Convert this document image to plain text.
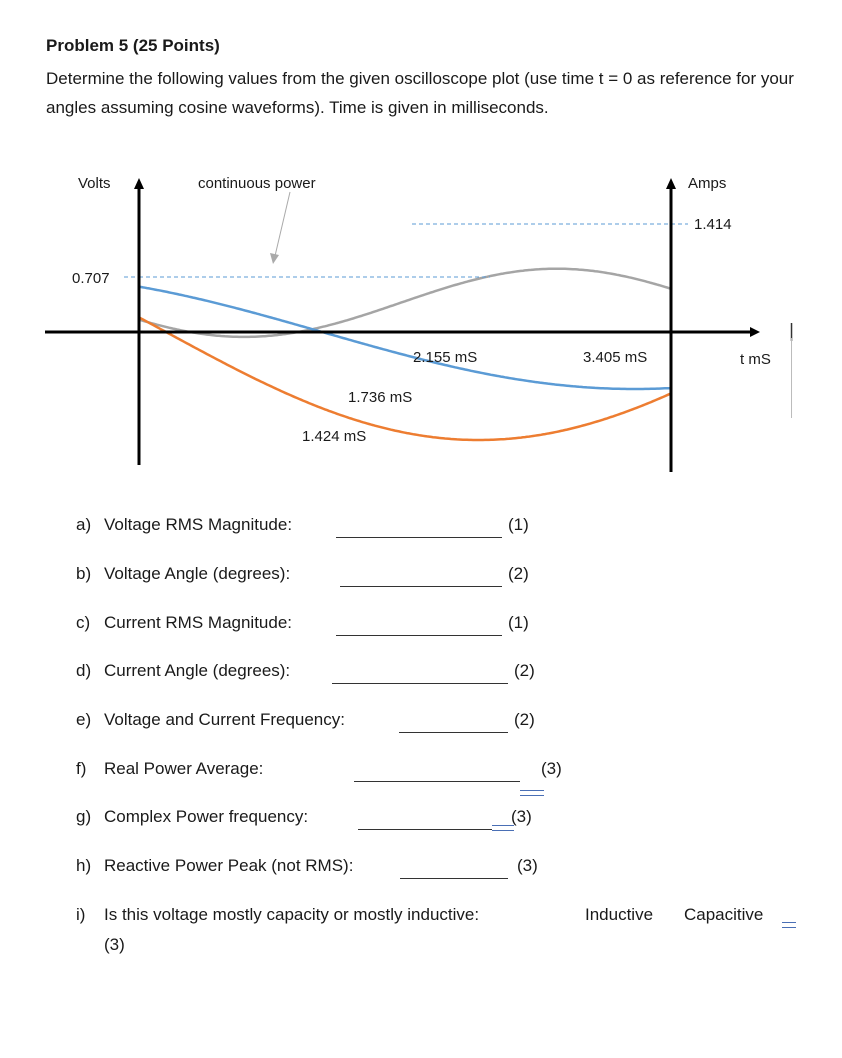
Problem 5 (25 Points)
Determine the following values from the given oscilloscope plot (use time t = 0 as reference for your angles assuming cosine waveforms). Time is given in milliseconds.
Volts	continuous power	Amps
1.414
0.707
t mS
2.155 mS	3.405 mS
1.736 mS
1.424 mS
a) Voltage RMS Magnitude:	(1)
b) Voltage Angle (degrees):	(2)
c) Current RMS Magnitude:	(1)
d) Current Angle (degrees):	(2)
e) Voltage and Current Frequency:	(2)
f) Real Power Average:	(3)
g) Complex Power frequency:	(3)
h) Reactive Power Peak (not RMS):	(3)
i) Is this voltage mostly capacity or mostly inductive:	Inductive Capacitive
(3)
